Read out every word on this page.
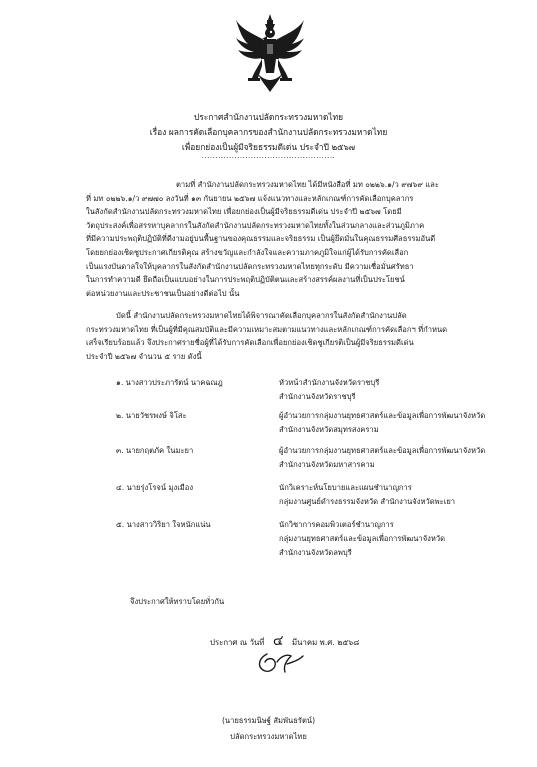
ประกาศสำนักงานปลัดกระทรวงมหาดไทย
เรื่อง ผลการคัดเลือกบุคลากรของสำนักงานปลัดกระทรวงมหาดไทย
เพื่อยกย่องเป็นผู้มีจริยธรรมดีเด่น ประจำปี ๒๕๖๗
.................................................
ตามที่ สำนักงานปลัดกระทรวงมหาดไทย ได้มีหนังสือที่ มท ๐๒๒๖.๑/ว ๙๗๖๙ และ
ที่ มท ๐๒๒๖.๑/ว ๙๗๗๐ ลงวันที่ ๑๓ กันยายน ๒๕๖๗ แจ้งแนวทางและหลักเกณฑ์การคัดเลือกบุคลากร
ในสังกัดสำนักงานปลัดกระทรวงมหาดไทย เพื่อยกย่องเป็นผู้มีจริยธรรมดีเด่น ประจำปี ๒๕๖๗ โดยมี
วัตถุประสงค์เพื่อสรรหาบุคลากรในสังกัดสำนักงานปลัดกระทรวงมหาดไทยทั้งในส่วนกลางและส่วนภูมิภาค
ที่มีความประพฤติปฏิบัติที่ดีงามอยู่บนพื้นฐานของคุณธรรมและจริยธรรม เป็นผู้ยึดมั่นในคุณธรรมศีลธรรมอันดี
โดยยกย่องเชิดชูประกาศเกียรติคุณ สร้างขวัญและกำลังใจและความภาคภูมิใจแก่ผู้ได้รับการคัดเลือก
เป็นแรงบันดาลใจให้บุคลากรในสังกัดสำนักงานปลัดกระทรวงมหาดไทยทุกระดับ มีความเชื่อมั่นศรัทธา
ในการทำความดี ยึดถือเป็นแบบอย่างในการประพฤติปฏิบัติตนและสร้างสรรค์ผลงานที่เป็นประโยชน์
ต่อหน่วยงานและประชาชนเป็นอย่างดีต่อไป นั้น
บัดนี้ สำนักงานปลัดกระทรวงมหาดไทยได้พิจารณาคัดเลือกบุคลากรในสังกัดสำนักงานปลัด
กระทรวงมหาดไทย ที่เป็นผู้ที่มีคุณสมบัติและมีความเหมาะสมตามแนวทางและหลักเกณฑ์การคัดเลือกฯ ที่กำหนด
เสร็จเรียบร้อยแล้ว จึงประกาศรายชื่อผู้ที่ได้รับการคัดเลือกเพื่อยกย่องเชิดชูเกียรติเป็นผู้มีจริยธรรมดีเด่น
ประจำปี ๒๕๖๗ จำนวน ๕ ราย ดังนี้
๑. นางสาวประภารัตน์ นาคฉณฎ	หัวหน้าสำนักงานจังหวัดราชบุรี
สำนักงานจังหวัดราชบุรี
๒. นายวัชรพงษ์ จิโสะ	ผู้อำนวยการกลุ่มงานยุทธศาสตร์และข้อมูลเพื่อการพัฒนาจังหวัด
สำนักงานจังหวัดสมุทรสงคราม
๓. นายกฤตภัค ในมะยา	ผู้อำนวยการกลุ่มงานยุทธศาสตร์และข้อมูลเพื่อการพัฒนาจังหวัด
สำนักงานจังหวัดมหาสารคาม
๔. นายรุ่งโรจน์ มุงเมือง	นักวิเคราะห์นโยบายและแผนชำนาญการ
กลุ่มงานศูนย์ดำรงธรรมจังหวัด สำนักงานจังหวัดพะเยา
๕. นางสาววิริยา ใจหนักแน่น	นักวิชาการคอมพิวเตอร์ชำนาญการ
กลุ่มงานยุทธศาสตร์และข้อมูลเพื่อการพัฒนาจังหวัด
สำนักงานจังหวัดลพบุรี
จึงประกาศให้ทราบโดยทั่วกัน
ประกาศ ณ วันที่ ๔ มีนาคม พ.ศ. ๒๕๖๘
(นายธรรมนิษฐ์ สัมพันธรัตน์)
ปลัดกระทรวงมหาดไทย
